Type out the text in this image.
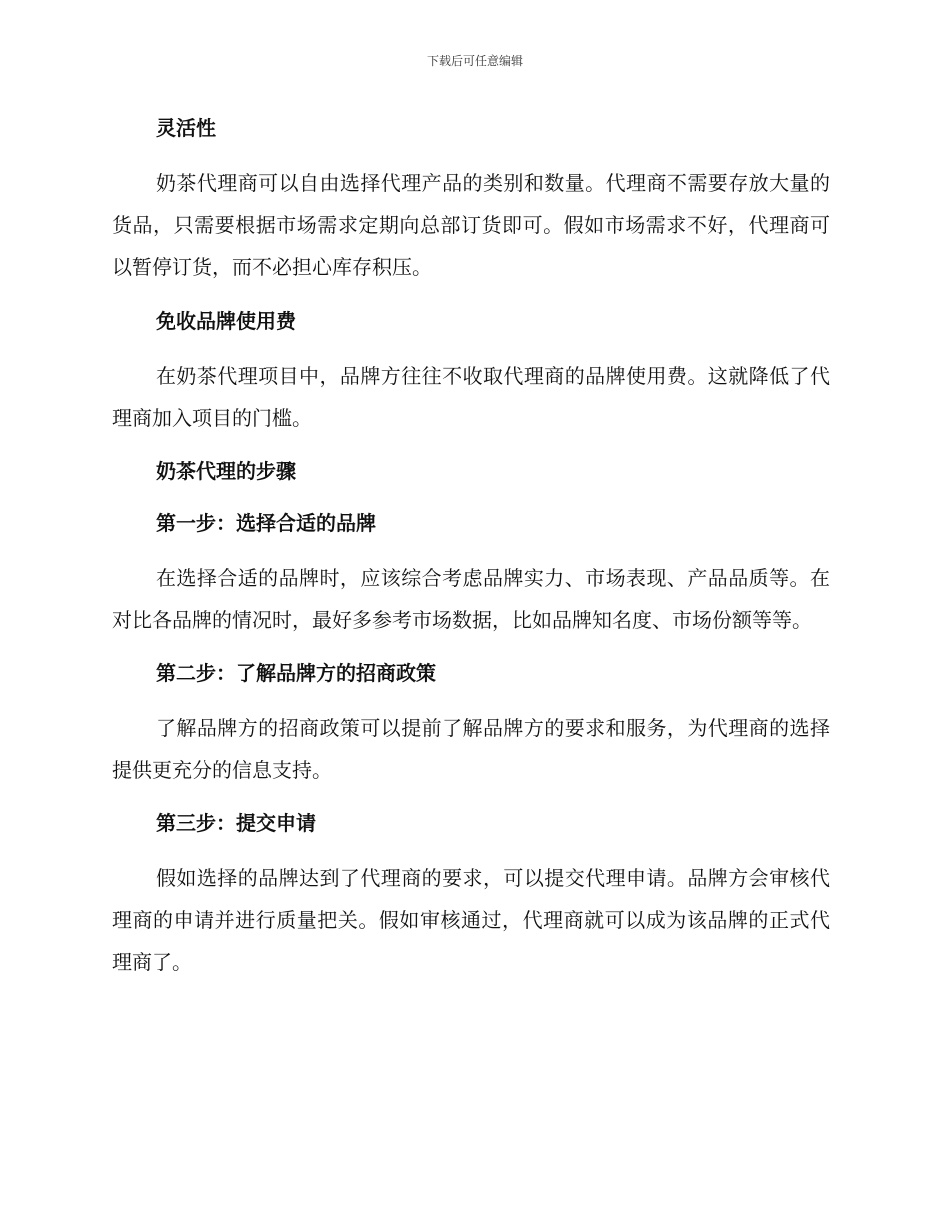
下载后可任意编辑
灵活性

奶茶代理商可以自由选择代理产品的类别和数量。代理商不需要存放大量的货品，只需要根据市场需求定期向总部订货即可。假如市场需求不好，代理商可以暂停订货，而不必担心库存积压。

免收品牌使用费

在奶茶代理项目中，品牌方往往不收取代理商的品牌使用费。这就降低了代理商加入项目的门槛。

奶茶代理的步骤
第一步：选择合适的品牌

在选择合适的品牌时，应该综合考虑品牌实力、市场表现、产品品质等。在对比各品牌的情况时，最好多参考市场数据，比如品牌知名度、市场份额等等。

第二步：了解品牌方的招商政策

了解品牌方的招商政策可以提前了解品牌方的要求和服务，为代理商的选择提供更充分的信息支持。

第三步：提交申请

假如选择的品牌达到了代理商的要求，可以提交代理申请。品牌方会审核代理商的申请并进行质量把关。假如审核通过，代理商就可以成为该品牌的正式代理商了。
